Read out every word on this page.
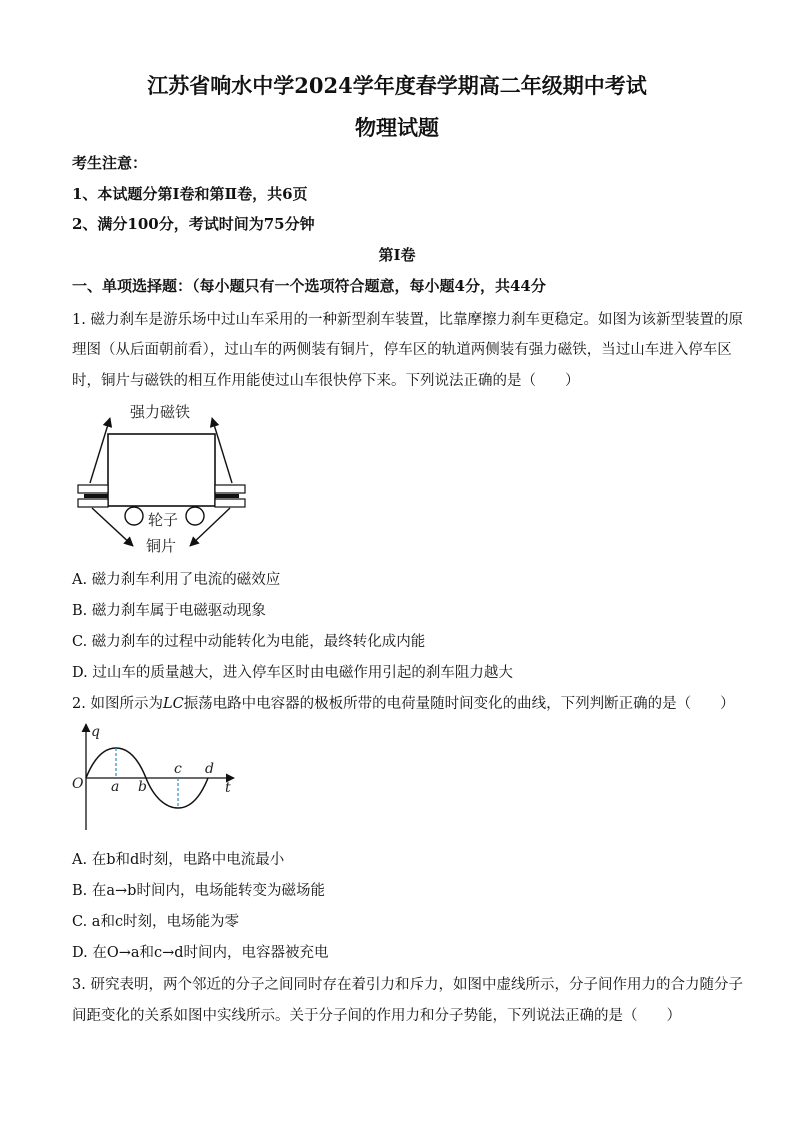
江苏省响水中学2024学年度春学期高二年级期中考试
物理试题
考生注意：
1、本试题分第Ⅰ卷和第Ⅱ卷，共6页
2、满分100分，考试时间为75分钟
第Ⅰ卷
一、单项选择题：（每小题只有一个选项符合题意，每小题4分，共44分
1. 磁力刹车是游乐场中过山车采用的一种新型刹车装置，比靠摩擦力刹车更稳定。如图为该新型装置的原
理图（从后面朝前看），过山车的两侧装有铜片，停车区的轨道两侧装有强力磁铁，当过山车进入停车区
时，铜片与磁铁的相互作用能使过山车很快停下来。下列说法正确的是（　　）
强力磁铁
轮子
铜片
A. 磁力刹车利用了电流的磁效应
B. 磁力刹车属于电磁驱动现象
C. 磁力刹车的过程中动能转化为电能，最终转化成内能
D. 过山车的质量越大，进入停车区时由电磁作用引起的刹车阻力越大
2. 如图所示为LC振荡电路中电容器的极板所带的电荷量随时间变化的曲线，下列判断正确的是（　　）
q
t
O a b
c d
A. 在b和d时刻，电路中电流最小
B. 在a→b时间内，电场能转变为磁场能
C. a和c时刻，电场能为零
D. 在O→a和c→d时间内，电容器被充电
3. 研究表明，两个邻近的分子之间同时存在着引力和斥力，如图中虚线所示，分子间作用力的合力随分子
间距变化的关系如图中实线所示。关于分子间的作用力和分子势能，下列说法正确的是（　　）
